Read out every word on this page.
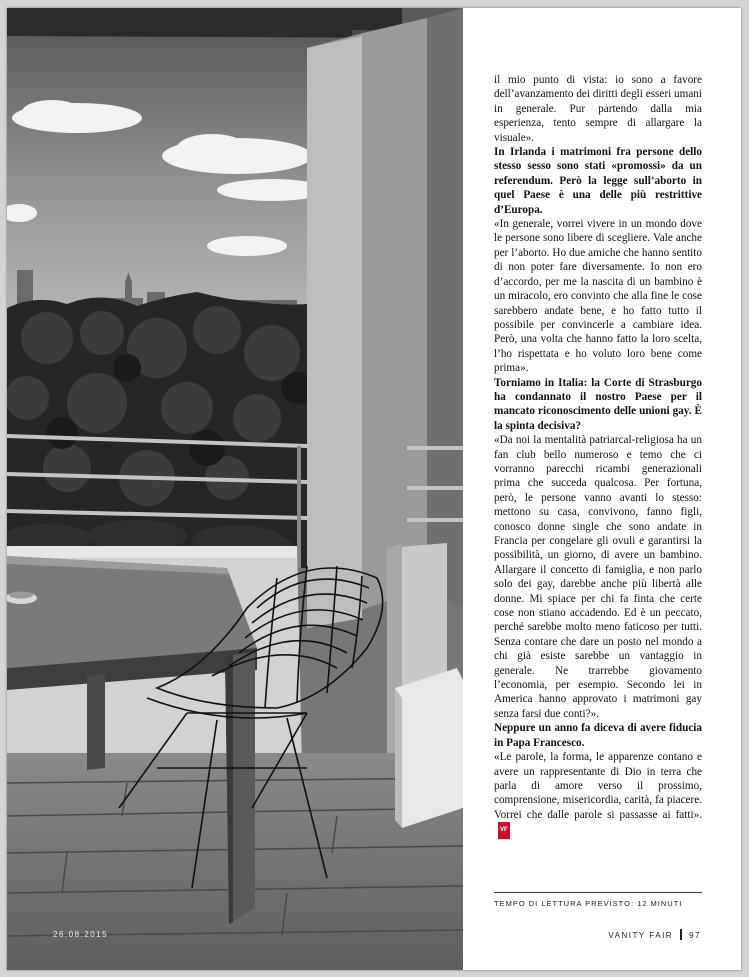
26.08.2015

il mio punto di vista: io sono a favore dell’avanzamento dei diritti degli esseri umani in generale. Pur partendo dalla mia esperienza, tento sempre di allargare la visuale».

In Irlanda i matrimoni fra persone dello stesso sesso sono stati «promossi» da un referendum. Però la legge sull’aborto in quel Paese è una delle più restrittive d’Europa.

«In generale, vorrei vivere in un mondo dove le persone sono libere di scegliere. Vale anche per l’aborto. Ho due amiche che hanno sentito di non poter fare diversamente. Io non ero d’accordo, per me la nascita di un bambino è un miracolo, ero convinto che alla fine le cose sarebbero andate bene, e ho fatto tutto il possibile per convincerle a cambiare idea. Però, una volta che hanno fatto la loro scelta, l’ho rispettata e ho voluto loro bene come prima».

Torniamo in Italia: la Corte di Strasburgo ha condannato il nostro Paese per il mancato riconoscimento delle unioni gay. È la spinta decisiva?

«Da noi la mentalità patriarcal-religiosa ha un fan club bello numeroso e temo che ci vorranno parecchi ricambi generazionali prima che succeda qualcosa. Per fortuna, però, le persone vanno avanti lo stesso: mettono su casa, convivono, fanno figli, conosco donne single che sono andate in Francia per congelare gli ovuli e garantirsi la possibilità, un giorno, di avere un bambino. Allargare il concetto di famiglia, e non parlo solo dei gay, darebbe anche più libertà alle donne. Mi spiace per chi fa finta che certe cose non stiano accadendo. Ed è un peccato, perché sarebbe molto meno faticoso per tutti. Senza contare che dare un posto nel mondo a chi già esiste sarebbe un vantaggio in generale. Ne trarrebbe giovamento l’economia, per esempio. Secondo lei in America hanno approvato i matrimoni gay senza farsi due conti?».

Neppure un anno fa diceva di avere fiducia in Papa Francesco.

«Le parole, la forma, le apparenze contano e avere un rappresentante di Dio in terra che parla di amore verso il prossimo, comprensione, misericordia, carità, fa piacere. Vorrei che dalle parole si passasse ai fatti».VF

TEMPO DI LETTURA PREVISTO: 12 MINUTI
VANITY FAIR 97
